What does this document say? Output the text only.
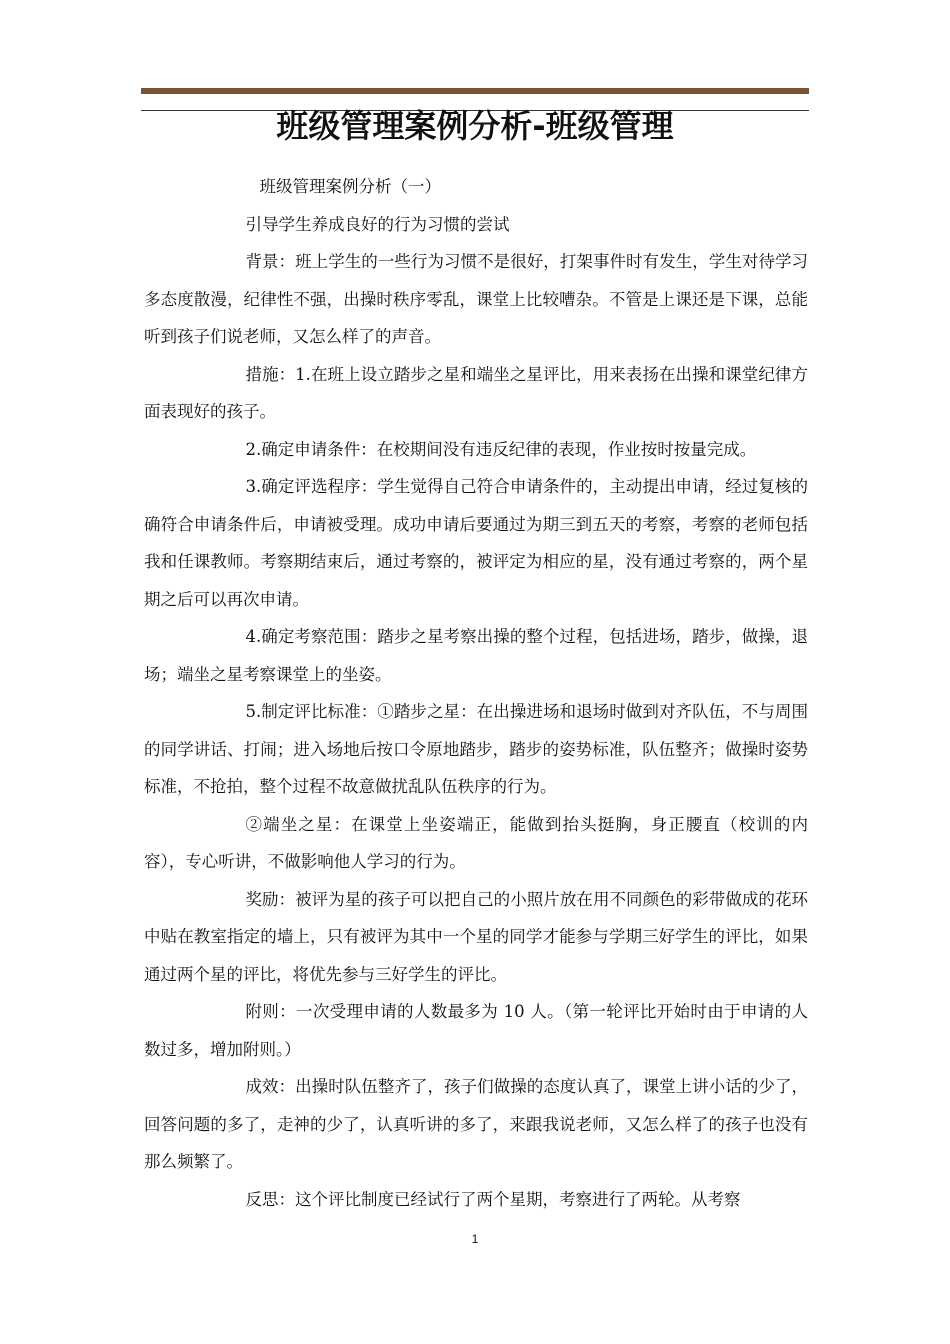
班级管理案例分析-班级管理

班级管理案例分析（一）

引导学生养成良好的行为习惯的尝试

背景：班上学生的一些行为习惯不是很好，打架事件时有发生，学生对待学习多态度散漫，纪律性不强，出操时秩序零乱，课堂上比较嘈杂。不管是上课还是下课，总能听到孩子们说老师，又怎么样了的声音。

措施：1.在班上设立踏步之星和端坐之星评比，用来表扬在出操和课堂纪律方面表现好的孩子。

2.确定申请条件：在校期间没有违反纪律的表现，作业按时按量完成。

3.确定评选程序：学生觉得自己符合申请条件的，主动提出申请，经过复核的确符合申请条件后，申请被受理。成功申请后要通过为期三到五天的考察，考察的老师包括我和任课教师。考察期结束后，通过考察的，被评定为相应的星，没有通过考察的，两个星期之后可以再次申请。

4.确定考察范围：踏步之星考察出操的整个过程，包括进场，踏步，做操，退场；端坐之星考察课堂上的坐姿。

5.制定评比标准：①踏步之星：在出操进场和退场时做到对齐队伍，不与周围的同学讲话、打闹；进入场地后按口令原地踏步，踏步的姿势标准，队伍整齐；做操时姿势标准，不抢拍，整个过程不故意做扰乱队伍秩序的行为。

②端坐之星：在课堂上坐姿端正，能做到抬头挺胸，身正腰直（校训的内容），专心听讲，不做影响他人学习的行为。

奖励：被评为星的孩子可以把自己的小照片放在用不同颜色的彩带做成的花环中贴在教室指定的墙上，只有被评为其中一个星的同学才能参与学期三好学生的评比，如果通过两个星的评比，将优先参与三好学生的评比。

附则：一次受理申请的人数最多为 10 人。（第一轮评比开始时由于申请的人数过多，增加附则。）

成效：出操时队伍整齐了，孩子们做操的态度认真了，课堂上讲小话的少了，回答问题的多了，走神的少了，认真听讲的多了，来跟我说老师，又怎么样了的孩子也没有那么频繁了。

反思：这个评比制度已经试行了两个星期，考察进行了两轮。从考察

1
